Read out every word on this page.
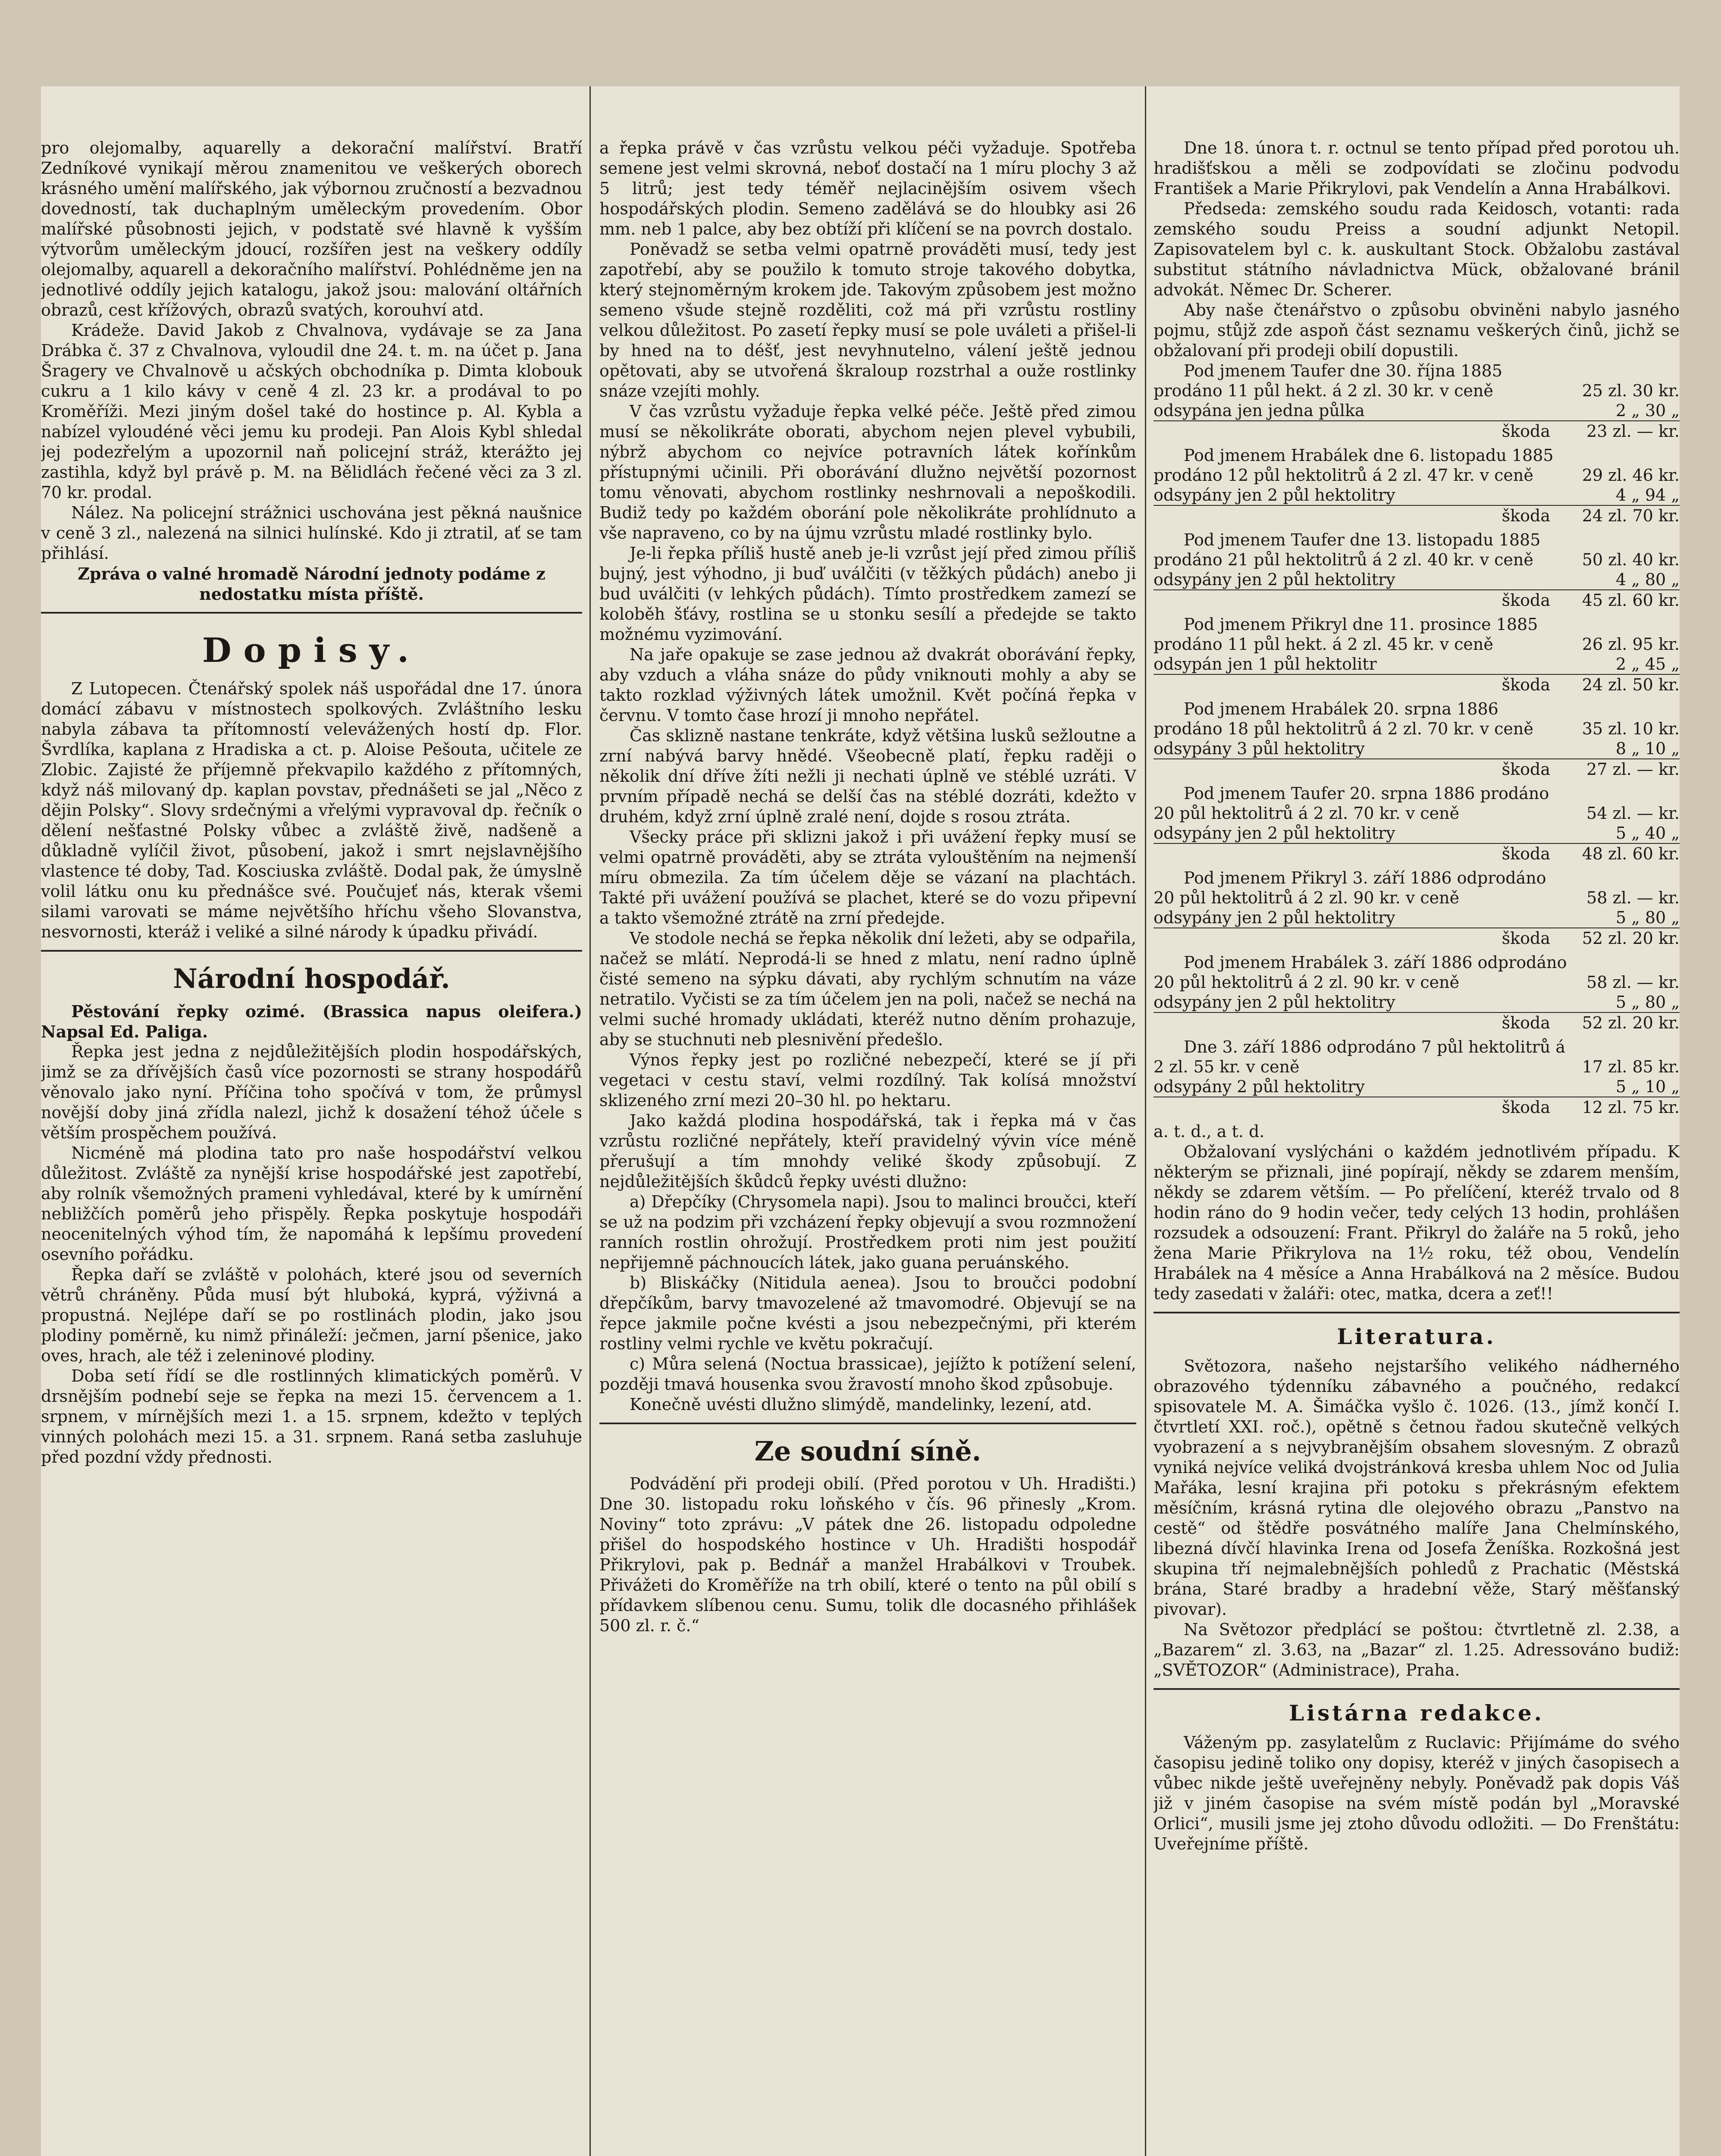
pro olejomalby, aquarelly a dekorační malířství. Bratří Zedníkové vynikají měrou znamenitou ve veškerých oborech krásného umění malířského, jak výbornou zručností a bezvadnou dovedností, tak duchaplným uměleckým provedením. Obor malířské působnosti jejich, v podstatě své hlavně k vyšším výtvorům uměleckým jdoucí, rozšířen jest na veškery oddíly olejomalby, aquarell a dekoračního malířství. Pohlédněme jen na jednotlivé oddíly jejich katalogu, jakož jsou: malování oltářních obrazů, cest křížových, obrazů svatých, korouhví atd.

Krádeže. David Jakob z Chvalnova, vydávaje se za Jana Drábka č. 37 z Chvalnova, vyloudil dne 24. t. m. na účet p. Jana Šragery ve Chvalnově u ačských obchodníka p. Dimta klobouk cukru a 1 kilo kávy v ceně 4 zl. 23 kr. a prodával to po Kroměříži. Mezi jiným došel také do hostince p. Al. Kybla a nabízel vyloudéné věci jemu ku prodeji. Pan Alois Kybl shledal jej podezřelým a upozornil naň policejní stráž, kterážto jej zastihla, když byl právě p. M. na Bělidlách řečené věci za 3 zl. 70 kr. prodal.

Nález. Na policejní strážnici uschována jest pěkná naušnice v ceně 3 zl., nalezená na silnici hulínské. Kdo ji ztratil, ať se tam přihlásí.

Zpráva o valné hromadě Národní jednoty podáme z nedostatku místa příště.

Dopisy.

Z Lutopecen. Čtenářský spolek náš uspořádal dne 17. února domácí zábavu v místnostech spolkových. Zvláštního lesku nabyla zábava ta přítomností velevážených hostí dp. Flor. Švrdlíka, kaplana z Hradiska a ct. p. Aloise Pešouta, učitele ze Zlobic. Zajisté že příjemně překvapilo každého z přítomných, když náš milovaný dp. kaplan povstav, přednášeti se jal „Něco z dějin Polsky“. Slovy srdečnými a vřelými vypravoval dp. řečník o dělení nešťastné Polsky vůbec a zvláště živě, nadšeně a důkladně vylíčil život, působení, jakož i smrt nejslavnějšího vlastence té doby, Tad. Kosciuska zvláště. Dodal pak, že úmyslně volil látku onu ku přednášce své. Poučujeť nás, kterak všemi silami varovati se máme největšího hříchu všeho Slovanstva, nesvornosti, kteráž i veliké a silné národy k úpadku přivádí.

Národní hospodář.

Pěstování řepky ozimé. (Brassica napus oleifera.) Napsal Ed. Paliga.

Řepka jest jedna z nejdůležitějších plodin hospodářských, jimž se za dřívějších časů více pozornosti se strany hospodářů věnovalo jako nyní. Příčina toho spočívá v tom, že průmysl novější doby jiná zřídla nalezl, jichž k dosažení téhož účele s větším prospěchem používá.

Nicméně má plodina tato pro naše hospodářství velkou důležitost. Zvláště za nynější krise hospodářské jest zapotřebí, aby rolník všemožných prameni vyhledával, které by k umírnění nebližčích poměrů jeho přispěly. Řepka poskytuje hospodáři neocenitelných výhod tím, že napomáhá k lepšímu provedení osevního pořádku.

Řepka daří se zvláště v polohách, které jsou od severních větrů chráněny. Půda musí být hluboká, kyprá, výživná a propustná. Nejlépe daří se po rostlinách plodin, jako jsou plodiny poměrně, ku nimž přináleží: ječmen, jarní pšenice, jako oves, hrach, ale též i zeleninové plodiny.

Doba setí řídí se dle rostlinných klimatických poměrů. V drsnějším podnebí seje se řepka na mezi 15. červencem a 1. srpnem, v mírnějších mezi 1. a 15. srpnem, kdežto v teplých vinných polohách mezi 15. a 31. srpnem. Raná setba zasluhuje před pozdní vždy přednosti.

a řepka právě v čas vzrůstu velkou péči vyžaduje. Spotřeba semene jest velmi skrovná, neboť dostačí na 1 míru plochy 3 až 5 litrů; jest tedy téměř nejlacinějším osivem všech hospodářských plodin. Semeno zadělává se do hloubky asi 26 mm. neb 1 palce, aby bez obtíží při klíčení se na povrch dostalo.

Poněvadž se setba velmi opatrně prováděti musí, tedy jest zapotřebí, aby se použilo k tomuto stroje takového dobytka, který stejnoměrným krokem jde. Takovým způsobem jest možno semeno všude stejně rozděliti, což má při vzrůstu rostliny velkou důležitost. Po zasetí řepky musí se pole uváleti a přišel-li by hned na to déšť, jest nevyhnutelno, válení ještě jednou opětovati, aby se utvořená škraloup rozstrhal a ouže rostlinky snáze vzejíti mohly.

V čas vzrůstu vyžaduje řepka velké péče. Ještě před zimou musí se několikráte oborati, abychom nejen plevel vybubili, nýbrž abychom co nejvíce potravních látek kořínkům přístupnými učinili. Při oborávání dlužno největší pozornost tomu věnovati, abychom rostlinky neshrnovali a nepoškodili. Budiž tedy po každém oborání pole několikráte prohlídnuto a vše napraveno, co by na újmu vzrůstu mladé rostlinky bylo.

Je-li řepka příliš hustě aneb je-li vzrůst její před zimou příliš bujný, jest výhodno, ji buď uválčiti (v těžkých půdách) anebo ji bud uválčiti (v lehkých půdách). Tímto prostředkem zamezí se koloběh šťávy, rostlina se u stonku sesílí a předejde se takto možnému vyzimování.

Na jaře opakuje se zase jednou až dvakrát oborávání řepky, aby vzduch a vláha snáze do půdy vniknouti mohly a aby se takto rozklad výživných látek umožnil. Květ počíná řepka v červnu. V tomto čase hrozí ji mnoho nepřátel.

Čas sklizně nastane tenkráte, když většina lusků sežloutne a zrní nabývá barvy hnědé. Všeobecně platí, řepku raději o několik dní dříve žíti nežli ji nechati úplně ve stéblé uzráti. V prvním případě nechá se delší čas na stéblé dozráti, kdežto v druhém, když zrní úplně zralé není, dojde s rosou ztráta.

Všecky práce při sklizni jakož i při uvážení řepky musí se velmi opatrně prováděti, aby se ztráta vylouštěním na nejmenší míru obmezila. Za tím účelem děje se vázaní na plachtách. Takté při uvážení používá se plachet, které se do vozu připevní a takto všemožné ztrátě na zrní předejde.

Ve stodole nechá se řepka několik dní ležeti, aby se odpařila, načež se mlátí. Neprodá-li se hned z mlatu, není radno úplně čisté semeno na sýpku dávati, aby rychlým schnutím na váze netratilo. Vyčisti se za tím účelem jen na poli, načež se nechá na velmi suché hromady ukládati, kteréž nutno děním prohazuje, aby se stuchnuti neb plesnivění předešlo.

Výnos řepky jest po rozličné nebezpečí, které se jí při vegetaci v cestu staví, velmi rozdílný. Tak kolísá množství sklizeného zrní mezi 20–30 hl. po hektaru.

Jako každá plodina hospodářská, tak i řepka má v čas vzrůstu rozličné nepřátely, kteří pravidelný vývin více méně přerušují a tím mnohdy veliké škody způsobují. Z nejdůležitějších škůdců řepky uvésti dlužno:

a) Dřepčíky (Chrysomela napi). Jsou to malinci broučci, kteří se už na podzim při vzcházení řepky objevují a svou rozmnožení ranních rostlin ohrožují. Prostředkem proti nim jest použití nepřijemně páchnoucích látek, jako guana peruánského.

b) Bliskáčky (Nitidula aenea). Jsou to broučci podobní dřepčíkům, barvy tmavozelené až tmavomodré. Objevují se na řepce jakmile počne kvésti a jsou nebezpečnými, při kterém rostliny velmi rychle ve květu pokračují.

c) Můra selená (Noctua brassicae), jejížto k potížení selení, později tmavá housenka svou žravostí mnoho škod způsobuje.

Konečně uvésti dlužno slimýdě, mandelinky, lezení, atd.

Ze soudní síně.

Podvádění při prodeji obilí. (Před porotou v Uh. Hradišti.) Dne 30. listopadu roku loňského v čís. 96 přinesly „Krom. Noviny“ toto zprávu: „V pátek dne 26. listopadu odpoledne přišel do hospodského hostince v Uh. Hradišti hospodář Přikrylovi, pak p. Bednář a manžel Hrabálkovi v Troubek. Přivážeti do Kroměříže na trh obilí, které o tento na půl obilí s přídavkem slíbenou cenu. Sumu, tolik dle docasného přihlášek 500 zl. r. č.“

Dne 18. února t. r. octnul se tento případ před porotou uh. hradišťskou a měli se zodpovídati se zločinu podvodu František a Marie Přikrylovi, pak Vendelín a Anna Hrabálkovi.

Předseda: zemského soudu rada Keidosch, votanti: rada zemského soudu Preiss a soudní adjunkt Netopil. Zapisovatelem byl c. k. auskultant Stock. Obžalobu zastával substitut státního návladnictva Mück, obžalované bránil advokát. Němec Dr. Scherer.

Aby naše čtenářstvo o způsobu obviněni nabylo jasného pojmu, stůjž zde aspoň část seznamu veškerých činů, jichž se obžalovaní při prodeji obilí dopustili.

Pod jmenem Taufer dne 30. října 1885 prodáno 11 půl hekt. á 2 zl. 30 kr. v ceně	25 zl. 30 kr.
odsypána jen jedna půlka	2 „ 30 „
škoda	23 zl. — kr.
Pod jmenem Hrabálek dne 6. listopadu 1885 prodáno 12 půl hektolitrů á 2 zl. 47 kr. v ceně	29 zl. 46 kr.
odsypány jen 2 půl hektolitry	4 „ 94 „
škoda	24 zl. 70 kr.
Pod jmenem Taufer dne 13. listopadu 1885 prodáno 21 půl hektolitrů á 2 zl. 40 kr. v ceně	50 zl. 40 kr.
odsypány jen 2 půl hektolitry	4 „ 80 „
škoda	45 zl. 60 kr.
Pod jmenem Přikryl dne 11. prosince 1885 prodáno 11 půl hekt. á 2 zl. 45 kr. v ceně	26 zl. 95 kr.
odsypán jen 1 půl hektolitr	2 „ 45 „
škoda	24 zl. 50 kr.
Pod jmenem Hrabálek 20. srpna 1886 prodáno 18 půl hektolitrů á 2 zl. 70 kr. v ceně	35 zl. 10 kr.
odsypány 3 půl hektolitry	8 „ 10 „
škoda	27 zl. — kr.
Pod jmenem Taufer 20. srpna 1886 prodáno 20 půl hektolitrů á 2 zl. 70 kr. v ceně	54 zl. — kr.
odsypány jen 2 půl hektolitry	5 „ 40 „
škoda	48 zl. 60 kr.
Pod jmenem Přikryl 3. září 1886 odprodáno 20 půl hektolitrů á 2 zl. 90 kr. v ceně	58 zl. — kr.
odsypány jen 2 půl hektolitry	5 „ 80 „
škoda	52 zl. 20 kr.
Pod jmenem Hrabálek 3. září 1886 odprodáno 20 půl hektolitrů á 2 zl. 90 kr. v ceně	58 zl. — kr.
odsypány jen 2 půl hektolitry	5 „ 80 „
škoda	52 zl. 20 kr.
Dne 3. září 1886 odprodáno 7 půl hektolitrů á 2 zl. 55 kr. v ceně	17 zl. 85 kr.
odsypány 2 půl hektolitry	5 „ 10 „
škoda	12 zl. 75 kr.

a. t. d., a t. d.

Obžalovaní vyslýcháni o každém jednotlivém případu. K některým se přiznali, jiné popírají, někdy se zdarem menším, někdy se zdarem větším. — Po přelíčení, kteréž trvalo od 8 hodin ráno do 9 hodin večer, tedy celých 13 hodin, prohlášen rozsudek a odsouzení: Frant. Přikryl do žaláře na 5 roků, jeho žena Marie Přikrylova na 1½ roku, též obou, Vendelín Hrabálek na 4 měsíce a Anna Hrabálková na 2 měsíce. Budou tedy zasedati v žaláři: otec, matka, dcera a zeť!!

Literatura.

Světozora, našeho nejstaršího velikého nádherného obrazového týdenníku zábavného a poučného, redakcí spisovatele M. A. Šimáčka vyšlo č. 1026. (13., jímž končí I. čtvrtletí XXI. roč.), opětně s četnou řadou skutečně velkých vyobrazení a s nejvybranějším obsahem slovesným. Z obrazů vyniká nejvíce veliká dvojstránková kresba uhlem Noc od Julia Mařáka, lesní krajina při potoku s překrásným efektem měsíčním, krásná rytina dle olejového obrazu „Panstvo na cestě“ od štědře posvátného malíře Jana Chelmínského, libezná dívčí hlavinka Irena od Josefa Ženíška. Rozkošná jest skupina tří nejmalebnějších pohledů z Prachatic (Městská brána, Staré bradby a hradební věže, Starý měšťanský pivovar).

Na Světozor předplácí se poštou: čtvrtletně zl. 2.38, a „Bazarem“ zl. 3.63, na „Bazar“ zl. 1.25. Adressováno budiž: „SVĚTOZOR“ (Administrace), Praha.

Listárna redakce.

Váženým pp. zasylatelům z Ruclavic: Přijímáme do svého časopisu jedině toliko ony dopisy, kteréž v jiných časopisech a vůbec nikde ještě uveřejněny nebyly. Poněvadž pak dopis Váš již v jiném časopise na svém místě podán byl „Moravské Orlici“, musili jsme jej ztoho důvodu odložiti. — Do Frenštátu: Uveřejníme příště.
